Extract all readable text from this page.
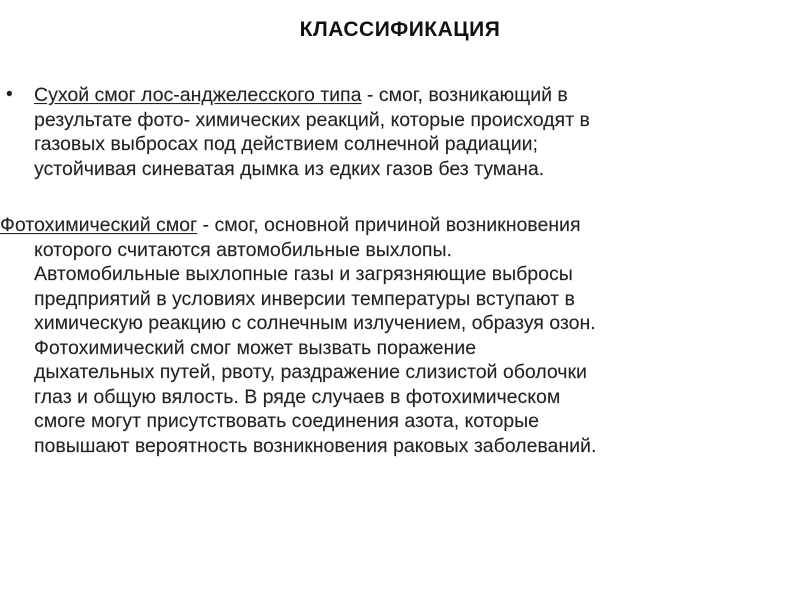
КЛАССИФИКАЦИЯ
• Сухой смог лос-анджелесского типа - смог, возникающий в
результате фото- химических реакций, которые происходят в
газовых выбросах под действием солнечной радиации;
устойчивая синеватая дымка из едких газов без тумана.
Фотохимический смог - смог, основной причиной возникновения
которого считаются автомобильные выхлопы.
Автомобильные выхлопные газы и загрязняющие выбросы
предприятий в условиях инверсии температуры вступают в
химическую реакцию с солнечным излучением, образуя озон.
Фотохимический смог может вызвать поражение
дыхательных путей, рвоту, раздражение слизистой оболочки
глаз и общую вялость. В ряде случаев в фотохимическом
смоге могут присутствовать соединения азота, которые
повышают вероятность возникновения раковых заболеваний.
